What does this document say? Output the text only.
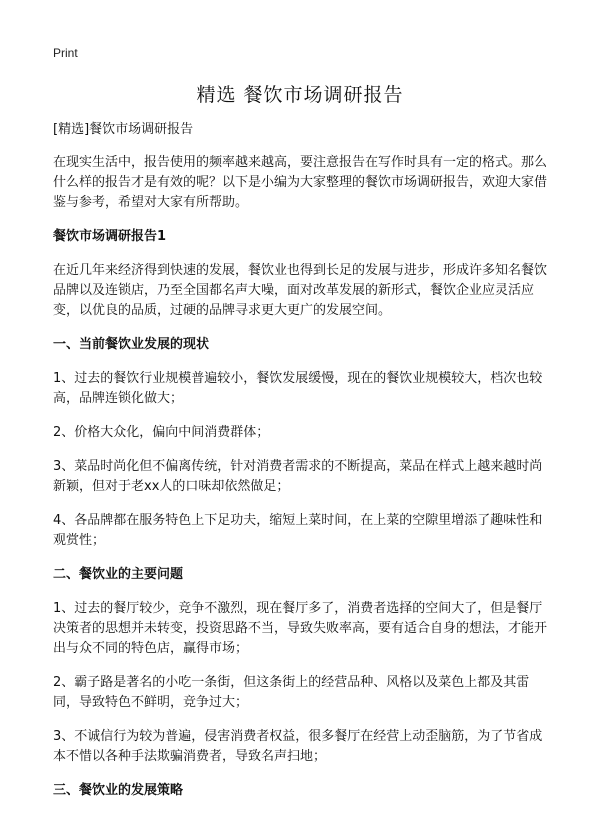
Print
精选 餐饮市场调研报告

[精选]餐饮市场调研报告

在现实生活中，报告使用的频率越来越高，要注意报告在写作时具有一定的格式。那么什么样的报告才是有效的呢？以下是小编为大家整理的餐饮市场调研报告，欢迎大家借鉴与参考，希望对大家有所帮助。

餐饮市场调研报告1

在近几年来经济得到快速的发展，餐饮业也得到长足的发展与进步，形成许多知名餐饮品牌以及连锁店，乃至全国都名声大噪，面对改革发展的新形式，餐饮企业应灵活应变，以优良的品质，过硬的品牌寻求更大更广的发展空间。

一、当前餐饮业发展的现状

1、过去的餐饮行业规模普遍较小，餐饮发展缓慢，现在的餐饮业规模较大，档次也较高，品牌连锁化做大；

2、价格大众化，偏向中间消费群体；

3、菜品时尚化但不偏离传统，针对消费者需求的不断提高，菜品在样式上越来越时尚新颖，但对于老xx人的口味却依然做足；

4、各品牌都在服务特色上下足功夫，缩短上菜时间，在上菜的空隙里增添了趣味性和观赏性；

二、餐饮业的主要问题

1、过去的餐厅较少，竞争不激烈，现在餐厅多了，消费者选择的空间大了，但是餐厅决策者的思想并未转变，投资思路不当，导致失败率高，要有适合自身的想法，才能开出与众不同的特色店，赢得市场；

2、霸子路是著名的小吃一条街，但这条街上的经营品种、风格以及菜色上都及其雷同，导致特色不鲜明，竞争过大；

3、不诚信行为较为普遍，侵害消费者权益，很多餐厅在经营上动歪脑筋，为了节省成本不惜以各种手法欺骗消费者，导致名声扫地；

三、餐饮业的发展策略
